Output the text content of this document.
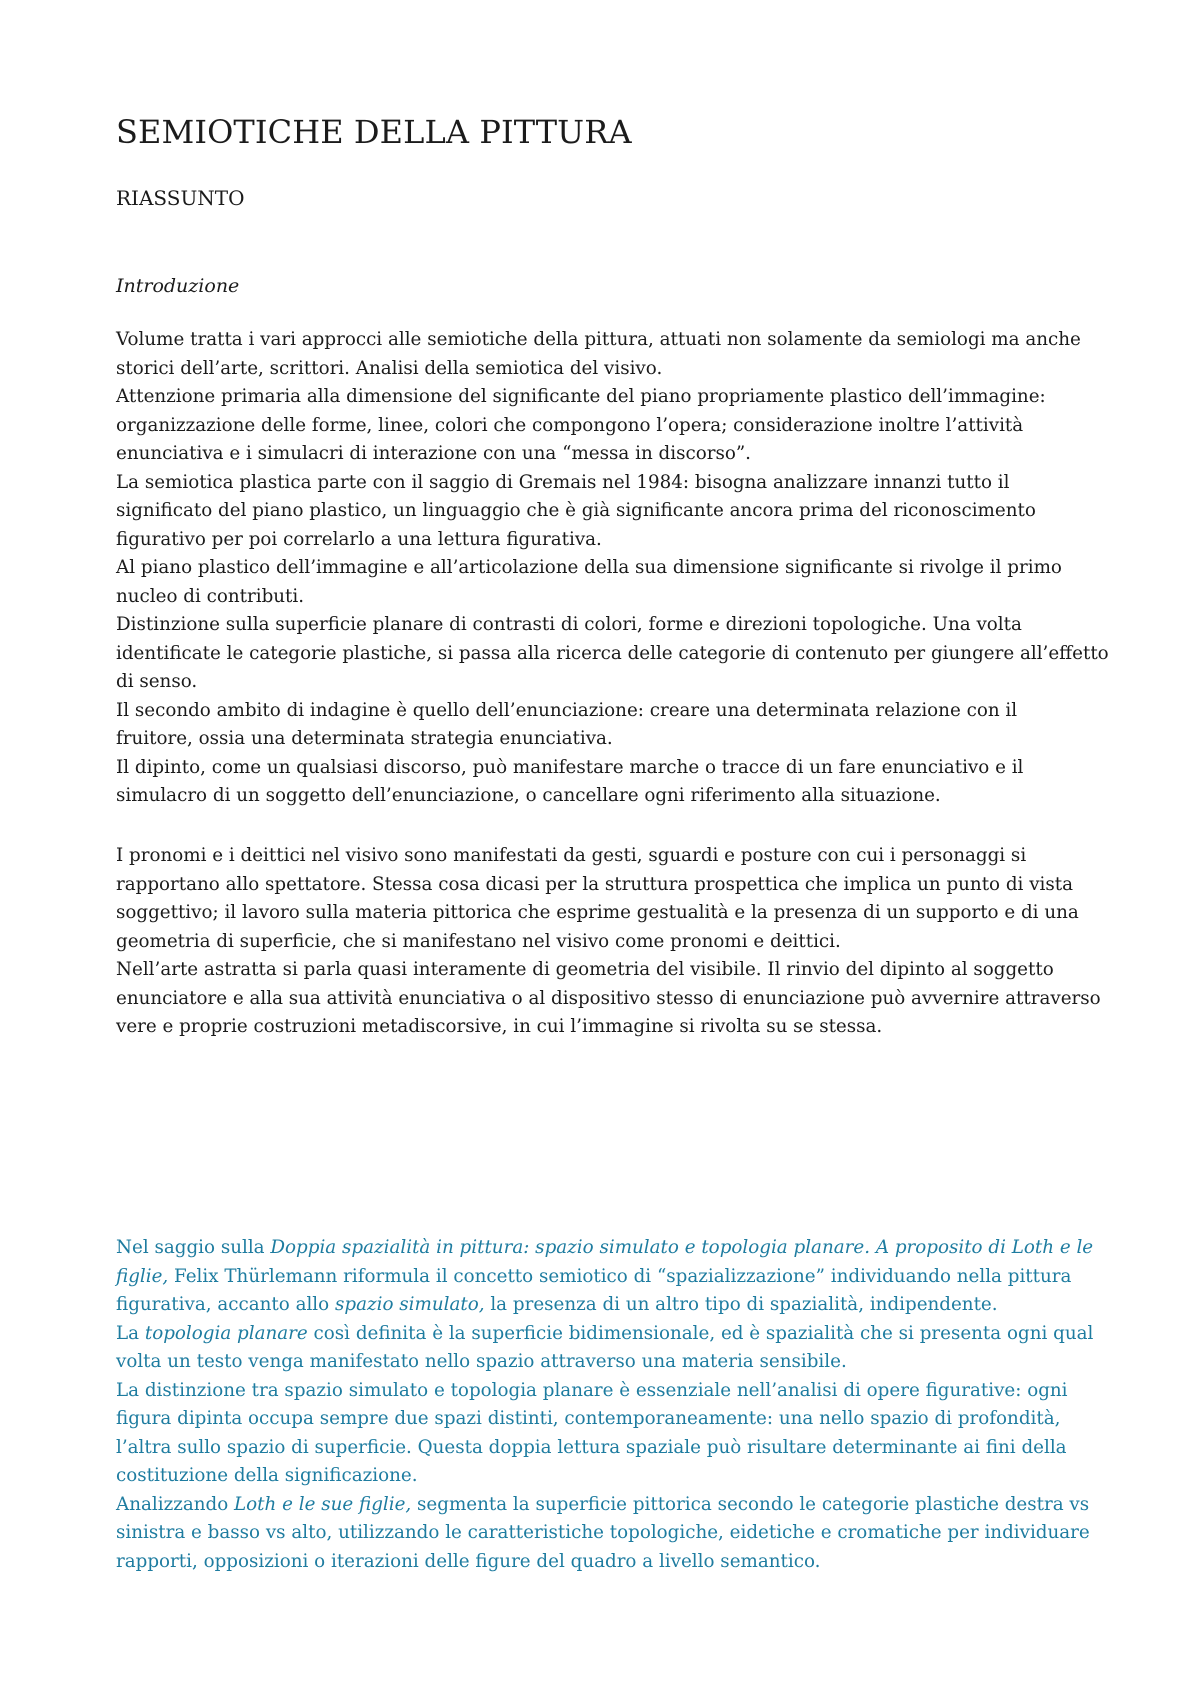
SEMIOTICHE DELLA PITTURA
RIASSUNTO
Introduzione
Volume tratta i vari approcci alle semiotiche della pittura, attuati non solamente da semiologi ma anche
storici dell’arte, scrittori. Analisi della semiotica del visivo.
Attenzione primaria alla dimensione del significante del piano propriamente plastico dell’immagine:
organizzazione delle forme, linee, colori che compongono l’opera; considerazione inoltre l’attività
enunciativa e i simulacri di interazione con una “messa in discorso”.
La semiotica plastica parte con il saggio di Gremais nel 1984: bisogna analizzare innanzi tutto il
significato del piano plastico, un linguaggio che è già significante ancora prima del riconoscimento
figurativo per poi correlarlo a una lettura figurativa.
Al piano plastico dell’immagine e all’articolazione della sua dimensione significante si rivolge il primo
nucleo di contributi.
Distinzione sulla superficie planare di contrasti di colori, forme e direzioni topologiche. Una volta
identificate le categorie plastiche, si passa alla ricerca delle categorie di contenuto per giungere all’effetto
di senso.
Il secondo ambito di indagine è quello dell’enunciazione: creare una determinata relazione con il
fruitore, ossia una determinata strategia enunciativa.
Il dipinto, come un qualsiasi discorso, può manifestare marche o tracce di un fare enunciativo e il
simulacro di un soggetto dell’enunciazione, o cancellare ogni riferimento alla situazione.
I pronomi e i deittici nel visivo sono manifestati da gesti, sguardi e posture con cui i personaggi si
rapportano allo spettatore. Stessa cosa dicasi per la struttura prospettica che implica un punto di vista
soggettivo; il lavoro sulla materia pittorica che esprime gestualità e la presenza di un supporto e di una
geometria di superficie, che si manifestano nel visivo come pronomi e deittici.
Nell’arte astratta si parla quasi interamente di geometria del visibile. Il rinvio del dipinto al soggetto
enunciatore e alla sua attività enunciativa o al dispositivo stesso di enunciazione può avvernire attraverso
vere e proprie costruzioni metadiscorsive, in cui l’immagine si rivolta su se stessa.
Nel saggio sulla Doppia spazialità in pittura: spazio simulato e topologia planare. A proposito di Loth e le
figlie, Felix Thürlemann riformula il concetto semiotico di “spazializzazione” individuando nella pittura
figurativa, accanto allo spazio simulato, la presenza di un altro tipo di spazialità, indipendente.
La topologia planare così definita è la superficie bidimensionale, ed è spazialità che si presenta ogni qual
volta un testo venga manifestato nello spazio attraverso una materia sensibile.
La distinzione tra spazio simulato e topologia planare è essenziale nell’analisi di opere figurative: ogni
figura dipinta occupa sempre due spazi distinti, contemporaneamente: una nello spazio di profondità,
l’altra sullo spazio di superficie. Questa doppia lettura spaziale può risultare determinante ai fini della
costituzione della significazione.
Analizzando Loth e le sue figlie, segmenta la superficie pittorica secondo le categorie plastiche destra vs
sinistra e basso vs alto, utilizzando le caratteristiche topologiche, eidetiche e cromatiche per individuare
rapporti, opposizioni o iterazioni delle figure del quadro a livello semantico.
